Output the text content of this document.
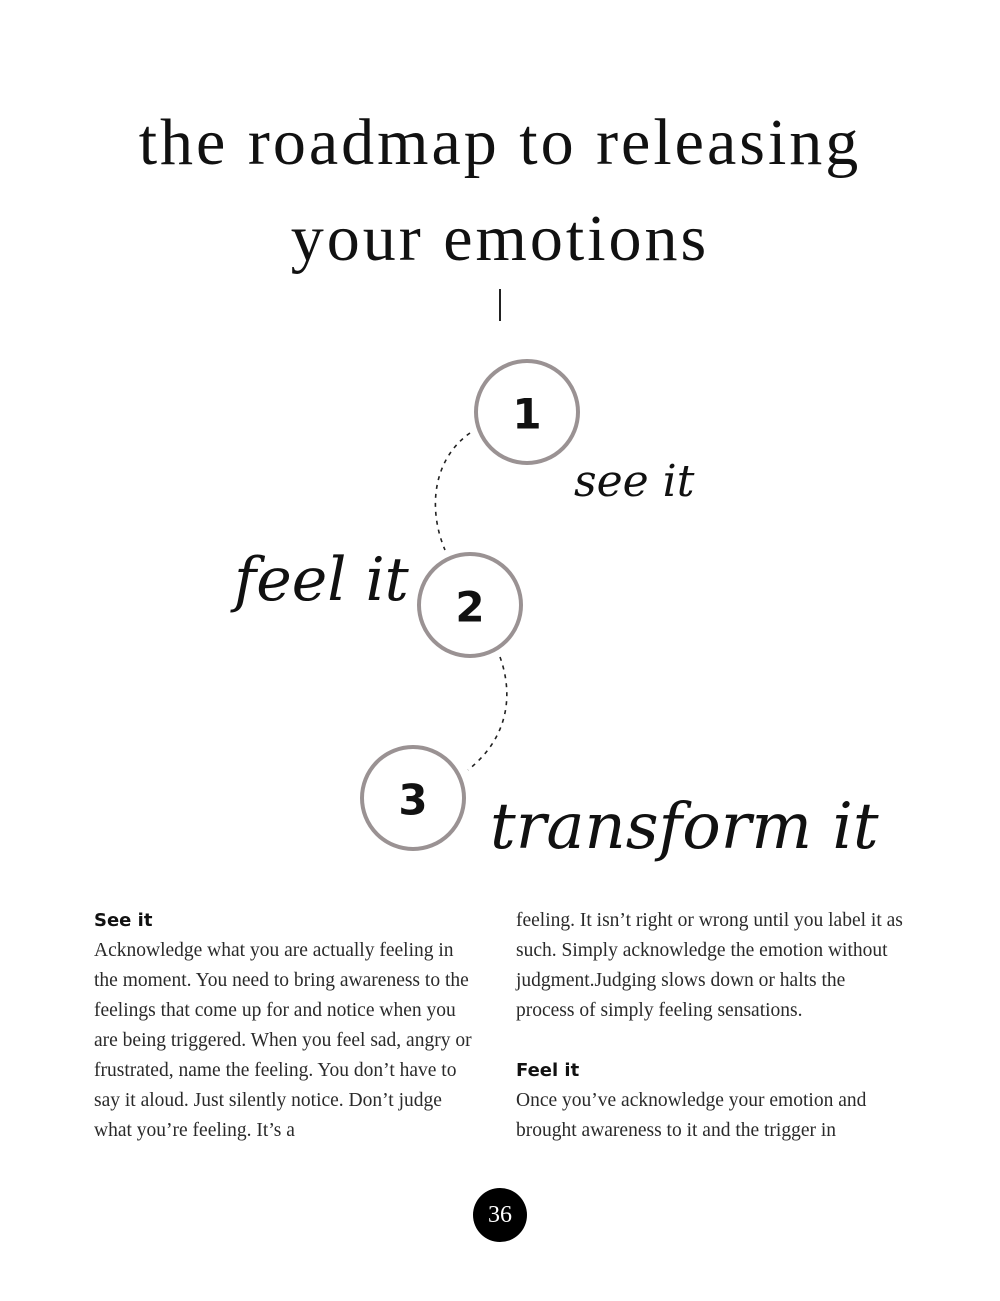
the roadmap to releasing
your emotions
1
see it
2
feel it
3 transform it
See it

Acknowledge what you are actually feeling in the moment. You need to bring awareness to the feelings that come up for and notice when you are being triggered. When you feel sad, angry or frustrated, name the feeling. You don’t have to say it aloud. Just silently notice. Don’t judge what you’re feeling. It’s a

feeling. It isn’t right or wrong until you label it as such. Simply acknowledge the emotion without judgment.Judging slows down or halts the process of simply feeling sensations.

Feel it

Once you’ve acknowledge your emotion and brought awareness to it and the trigger in

36
